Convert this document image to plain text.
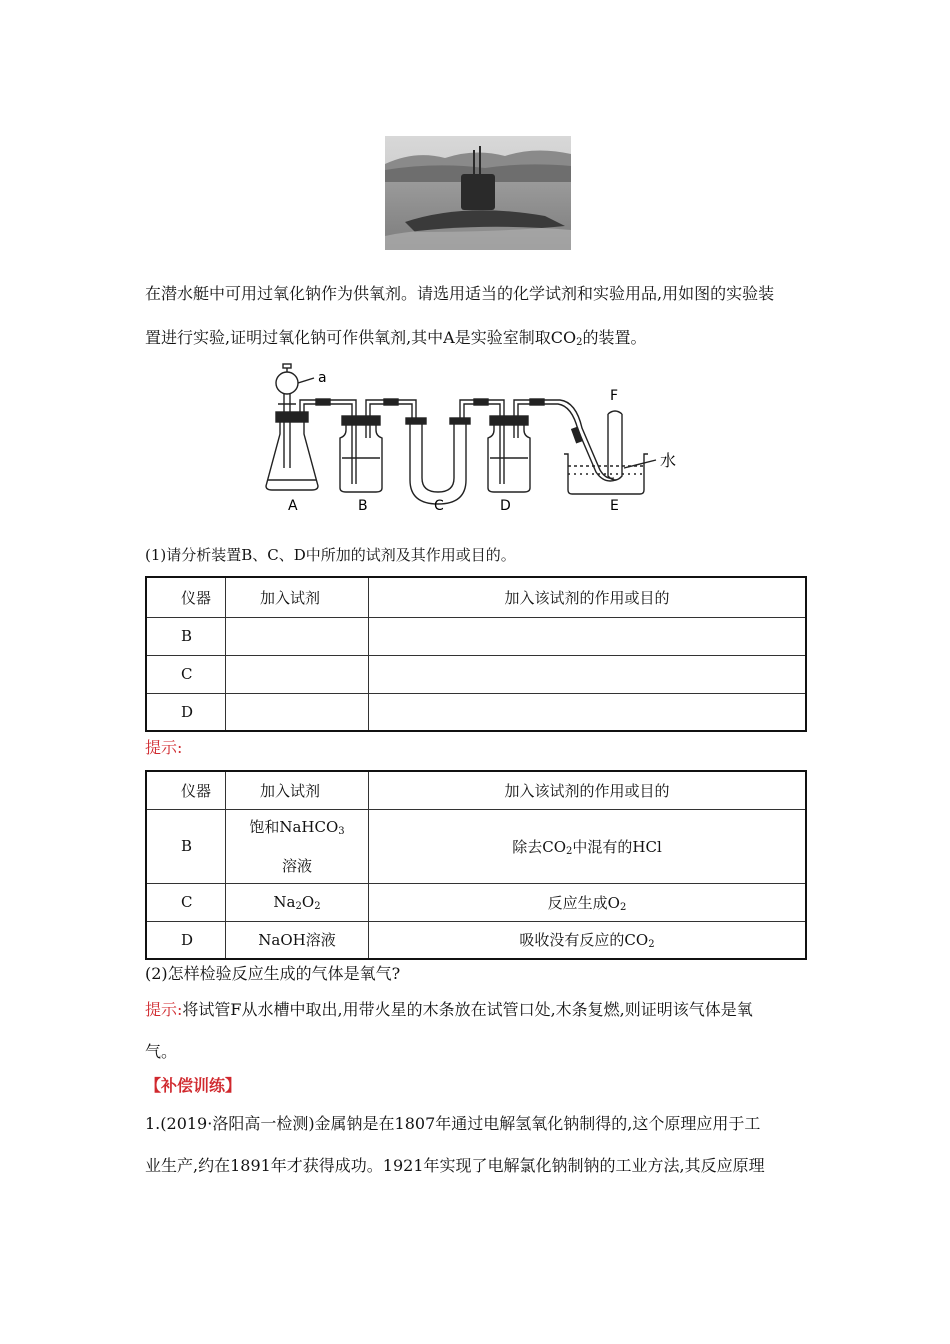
在潜水艇中可用过氧化钠作为供氧剂。请选用适当的化学试剂和实验用品,用如图的实验装
置进行实验,证明过氧化钠可作供氧剂,其中A是实验室制取$CO_2$的装置。
a
F
水
A	B	C	D	E
(1)请分析装置B、C、D中所加的试剂及其作用或目的。
仪器	加入试剂	加入该试剂的作用或目的
B		
C		
D		
提示:
仪器	加入试剂	加入该试剂的作用或目的
B	饱和NaHCO$_3$
溶液	除去$CO_2$中混有的HCl
C	$Na_2O_2$	反应生成$O_2$
D	NaOH溶液	吸收没有反应的$CO_2$
(2)怎样检验反应生成的气体是氧气?
提示:将试管F从水槽中取出,用带火星的木条放在试管口处,木条复燃,则证明该气体是氧
气。
【补偿训练】
1.(2019·洛阳高一检测)金属钠是在1807年通过电解氢氧化钠制得的,这个原理应用于工
业生产,约在1891年才获得成功。1921年实现了电解氯化钠制钠的工业方法,其反应原理
